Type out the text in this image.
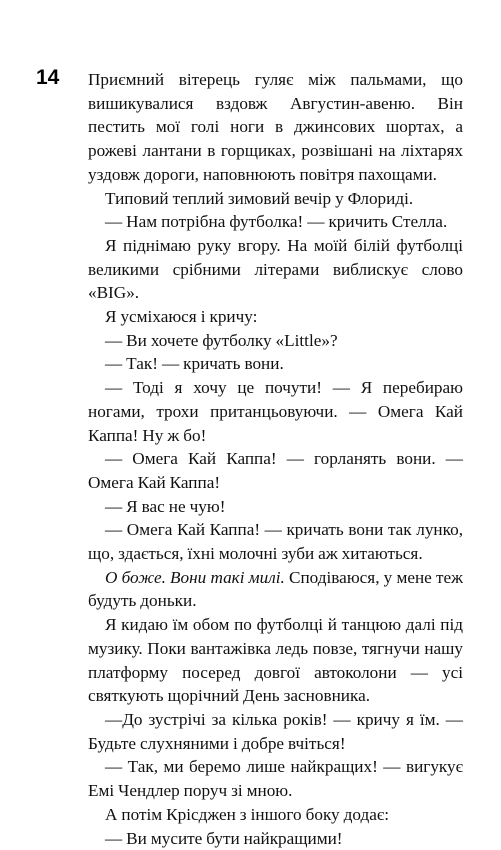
14 Приємний вітерець гуляє між пальмами, що вишикувалися вздовж Августин-авеню. Він пестить мої голі ноги в джинсових шортах, а рожеві лантани в горщиках, розвішані на ліхтарях уздовж дороги, наповнюють повітря пахощами.

Типовий теплий зимовий вечір у Флориді.

— Нам потрібна футболка! — кричить Стелла.

Я піднімаю руку вгору. На моїй білій футболці великими срібними літерами виблискує слово «BIG».

Я усміхаюся і кричу:

— Ви хочете футболку «Little»?

— Так! — кричать вони.

— Тоді я хочу це почути! — Я перебираю ногами, трохи пританцьовуючи. — Омега Кай Каппа! Ну ж бо!

— Омега Кай Каппа! — горланять вони. — Омега Кай Каппа!

— Я вас не чую!

— Омега Кай Каппа! — кричать вони так лунко, що, здається, їхні молочні зуби аж хитаються.

О боже. Вони такі милі. Сподіваюся, у мене теж будуть доньки.

Я кидаю їм обом по футболці й танцюю далі під музику. Поки вантажівка ледь повзе, тягнучи нашу платформу посеред довгої автоколони — усі святкують щорічний День засновника.

—До зустрічі за кілька років! — кричу я їм. — Будьте слухняними і добре вчіться!

— Так, ми беремо лише найкращих! — вигукує Емі Чендлер поруч зі мною.

А потім Крісджен з іншого боку додає:

— Ви мусите бути найкращими!
